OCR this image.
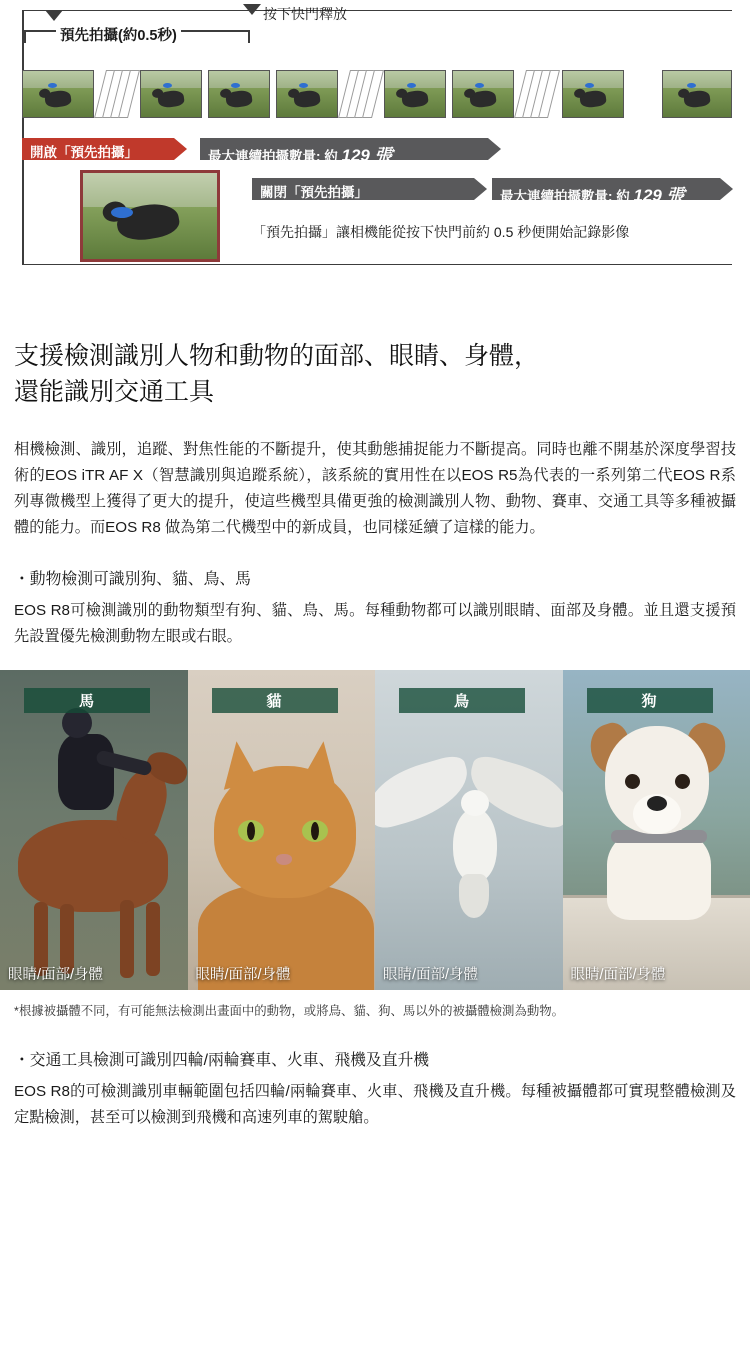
按下快門釋放
預先拍攝(約0.5秒)
開啟「預先拍攝」	最大連續拍攝數量: 約 129 張*
關閉「預先拍攝」	最大連續拍攝數量: 約 129 張*
「預先拍攝」讓相機能從按下快門前約 0.5 秒便開始記錄影像
支援檢測識別人物和動物的面部、眼睛、身體，
還能識別交通工具

相機檢測、識別，追蹤、對焦性能的不斷提升，使其動態捕捉能力不斷提高。同時也離不開基於深度學習技術的EOS iTR AF X（智慧識別與追蹤系統），該系統的實用性在以EOS R5為代表的一系列第二代EOS R系列專微機型上獲得了更大的提升，使這些機型具備更強的檢測識別人物、動物、賽車、交通工具等多種被攝體的能力。而EOS R8 做為第二代機型中的新成員，也同樣延續了這樣的能力。

・動物檢測可識別狗、貓、鳥、馬

EOS R8可檢測識別的動物類型有狗、貓、鳥、馬。每種動物都可以識別眼睛、面部及身體。並且還支援預先設置優先檢測動物左眼或右眼。

馬
眼睛/面部/身體
貓
眼睛/面部/身體
鳥
眼睛/面部/身體
狗
眼睛/面部/身體

*根據被攝體不同，有可能無法檢測出畫面中的動物，或將鳥、貓、狗、馬以外的被攝體檢測為動物。

・交通工具檢測可識別四輪/兩輪賽車、火車、飛機及直升機

EOS R8的可檢測識別車輛範圍包括四輪/兩輪賽車、火車、飛機及直升機。每種被攝體都可實現整體檢測及定點檢測，甚至可以檢測到飛機和高速列車的駕駛艙。
